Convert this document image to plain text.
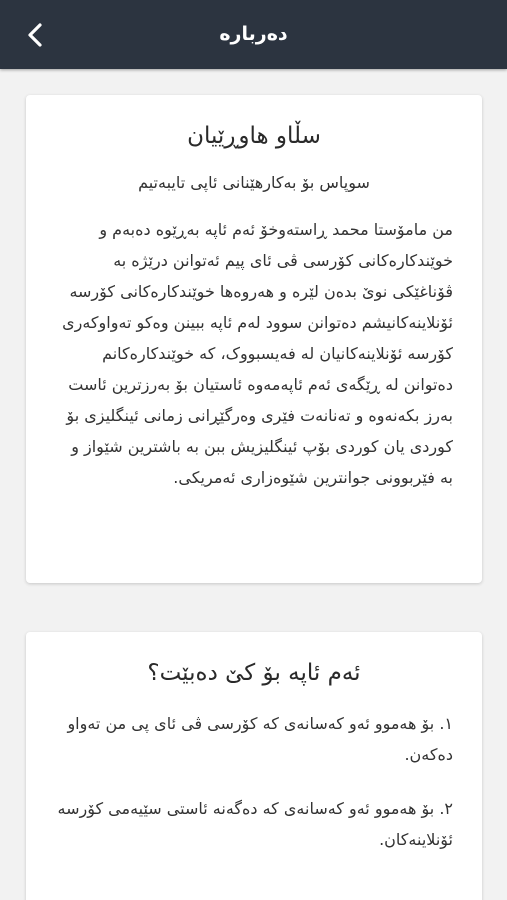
دەربارە
سڵاو هاوڕێیان

سوپاس بۆ بەکارهێنانی ئاپی تایبەتیم

من مامۆستا محمد ڕاستەوخۆ ئەم ئاپە بەڕێوە دەبەم و خوێندکارەکانی کۆرسی ڤی ئای پیم ئەتوانن درێژە بە ڤۆناغێکی نوێ بدەن لێرە و هەروەها خوێندکارەکانی کۆرسە ئۆنلاینەکانیشم دەتوانن سوود لەم ئاپە ببینن وەکو تەواوکەری کۆرسە ئۆنلاینەکانیان لە فەیسبووک، کە خوێندکارەکانم دەتوانن لە ڕێگەی ئەم ئاپەمەوە ئاستیان بۆ بەرزترین ئاست بەرز بکەنەوە و تەنانەت فێری وەرگێڕانی زمانی ئینگلیزی بۆ کوردی یان کوردی بۆپ ئینگلیزیش ببن بە باشترین شێواز و بە فێربوونی جوانترین شێوەزاری ئەمریکی.

ئەم ئاپە بۆ کێ دەبێت؟
١. بۆ هەموو ئەو کەسانەی کە کۆرسی ڤی ئای پی من تەواو دەکەن.
٢. بۆ هەموو ئەو کەسانەی کە دەگەنە ئاستی سێیەمی کۆرسە ئۆنلاینەکان.
